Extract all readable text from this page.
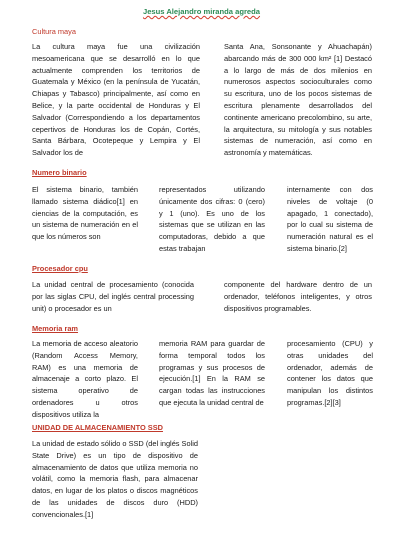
Jesus Alejandro miranda agreda
Cultura maya

La cultura maya fue una civilización mesoamericana que se desarrolló en lo que actualmente comprenden los territorios de Guatemala y México (en la península de Yucatán, Chiapas y Tabasco) principalmente, así como en Belice, y la parte occidental de Honduras y El Salvador (Correspondiendo a los departamentos cepertivos de Honduras los de Copán, Cortés, Santa Bárbara, Ocotepeque y Lempira y El Salvador los de

Santa Ana, Sonsonante y Ahuachapán) abarcando más de 300 000 km² [1] Destacó a lo largo de más de dos milenios en numerosos aspectos socioculturales como su escritura, uno de los pocos sistemas de escritura plenamente desarrollados del continente americano precolombino, su arte, la arquitectura, su mitología y sus notables sistemas de numeración, así como en astronomía y matemáticas.

Numero binario

El sistema binario, también llamado sistema diádico[1] en ciencias de la computación, es un sistema de numeración en el que los números son

representados utilizando únicamente dos cifras: 0 (cero) y 1 (uno). Es uno de los sistemas que se utilizan en las computadoras, debido a que estas trabajan

internamente con dos niveles de voltaje (0 apagado, 1 conectado), por lo cual su sistema de numeración natural es el sistema binario.[2]

Procesador cpu

La unidad central de procesamiento (conocida por las siglas CPU, del inglés central processing unit) o procesador es un

componente del hardware dentro de un ordenador, teléfonos inteligentes, y otros dispositivos programables.

Memoria ram

La memoria de acceso aleatorio (Random Access Memory, RAM) es una memoria de almacenaje a corto plazo. El sistema operativo de ordenadores u otros dispositivos utiliza la

memoria RAM para guardar de forma temporal todos los programas y sus procesos de ejecución.[1] En la RAM se cargan todas las instrucciones que ejecuta la unidad central de

procesamiento (CPU) y otras unidades del ordenador, además de contener los datos que manipulan los distintos programas.[2][3]

UNIDAD DE ALMACENAMIENTO SSD

La unidad de estado sólido o SSD (del inglés Solid State Drive) es un tipo de dispositivo de almacenamiento de datos que utiliza memoria no volátil, como la memoria flash, para almacenar datos, en lugar de los platos o discos magnéticos de las unidades de discos duro (HDD) convencionales.[1]
